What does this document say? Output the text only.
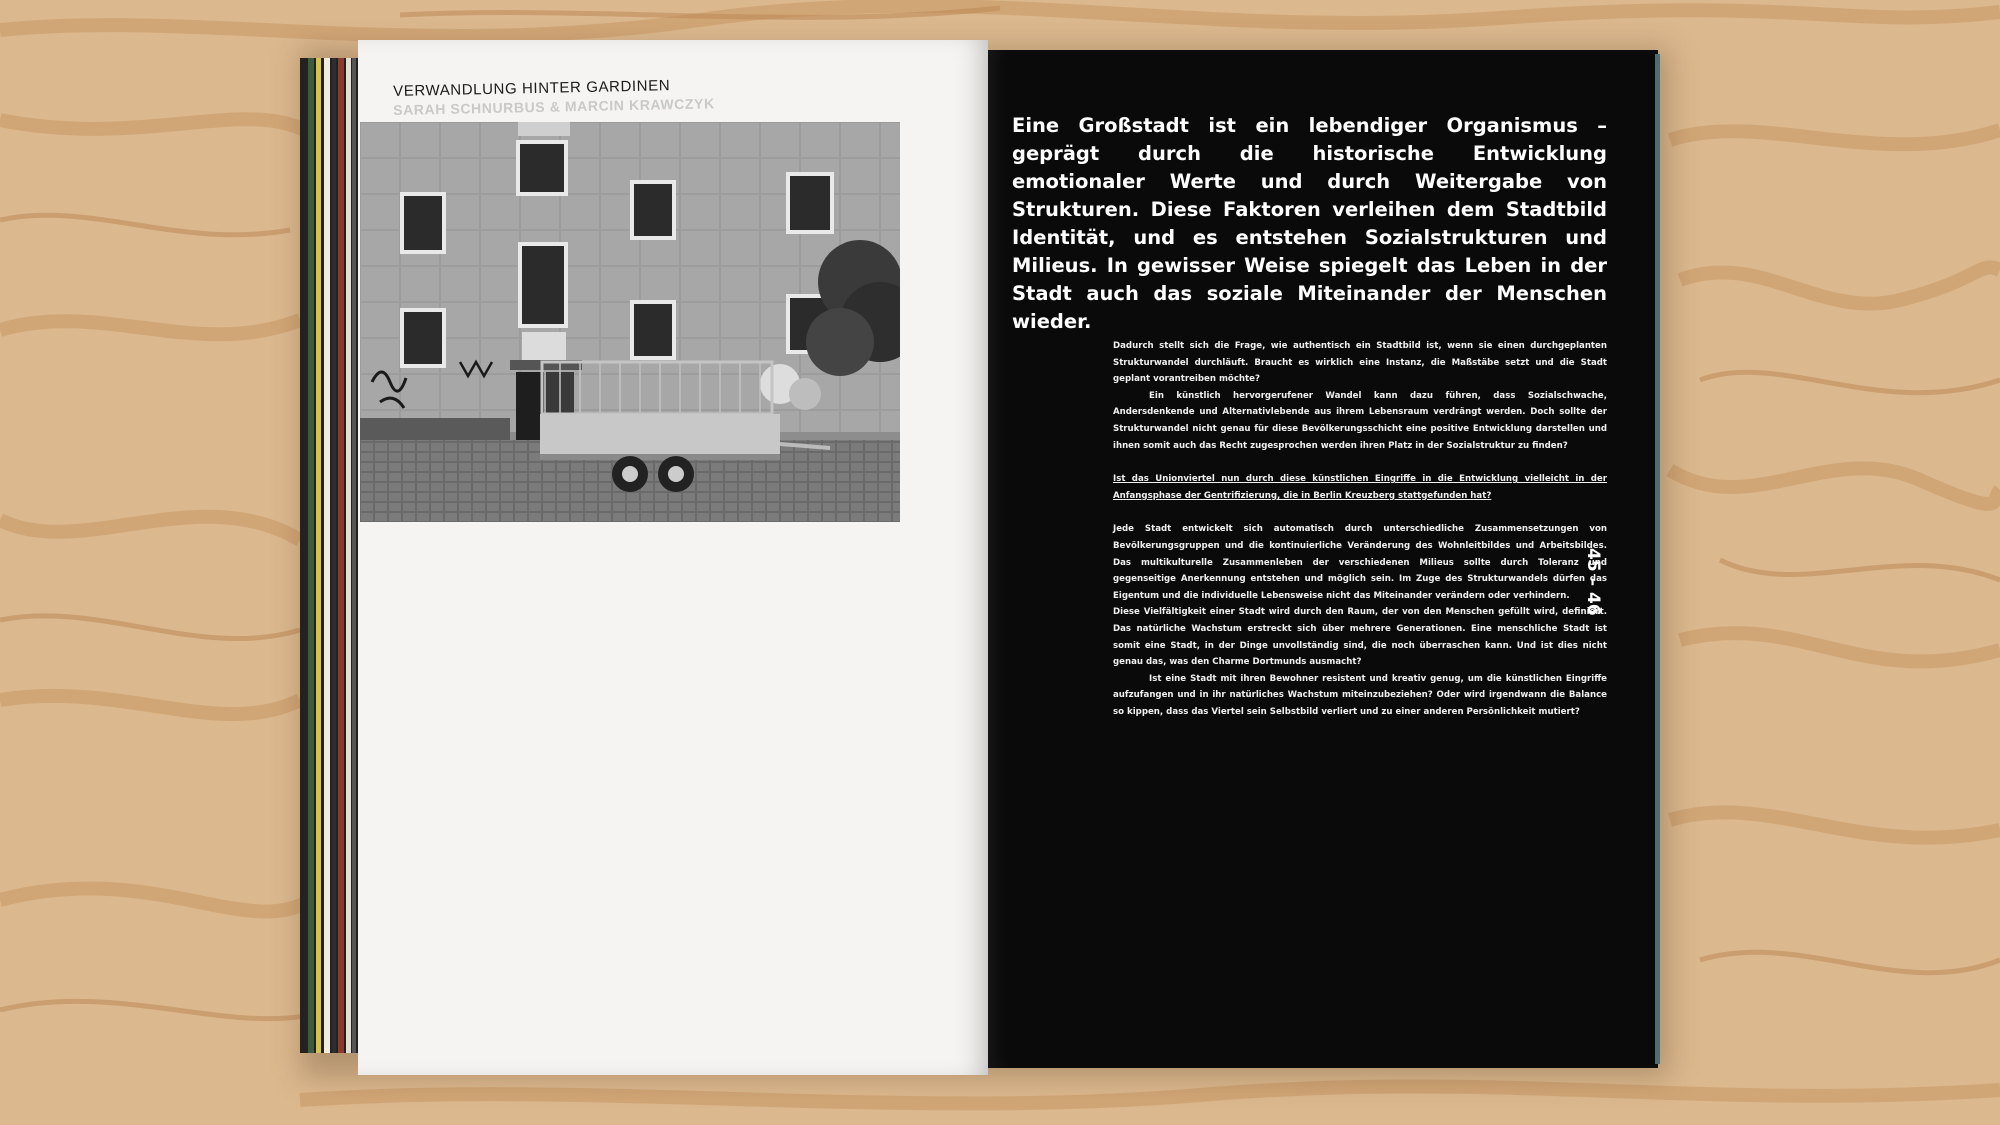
VERWANDLUNG HINTER GARDINEN
SARAH SCHNURBUS & MARCIN KRAWCZYK
Eine Großstadt ist ein lebendiger Organismus – geprägt durch die historische Entwicklung emotionaler Werte und durch Weitergabe von Strukturen. Diese Faktoren verleihen dem Stadtbild Identität, und es entstehen Sozialstrukturen und Milieus. In gewisser Weise spiegelt das Leben in der Stadt auch das soziale Miteinander der Menschen wieder.

Dadurch stellt sich die Frage, wie authentisch ein Stadtbild ist, wenn sie einen durchgeplanten Strukturwandel durchläuft. Braucht es wirklich eine Instanz, die Maßstäbe setzt und die Stadt geplant vorantreiben möchte?

Ein künstlich hervorgerufener Wandel kann dazu führen, dass Sozialschwache, Andersdenkende und Alternativlebende aus ihrem Lebensraum verdrängt werden. Doch sollte der Strukturwandel nicht genau für diese Bevölkerungsschicht eine positive Entwicklung darstellen und ihnen somit auch das Recht zugesprochen werden ihren Platz in der Sozialstruktur zu finden?

Ist das Unionviertel nun durch diese künstlichen Eingriffe in die Entwicklung vielleicht in der Anfangsphase der Gentrifizierung, die in Berlin Kreuzberg stattgefunden hat?

Jede Stadt entwickelt sich automatisch durch unterschiedliche Zusammensetzungen von Bevölkerungsgruppen und die kontinuierliche Veränderung des Wohnleitbildes und Arbeitsbildes. Das multikulturelle Zusammenleben der verschiedenen Milieus sollte durch Toleranz und gegenseitige Anerkennung entstehen und möglich sein. Im Zuge des Strukturwandels dürfen das Eigentum und die individuelle Lebensweise nicht das Miteinander verändern oder verhindern.

Diese Vielfältigkeit einer Stadt wird durch den Raum, der von den Menschen gefüllt wird, definiert. Das natürliche Wachstum erstreckt sich über mehrere Generationen. Eine menschliche Stadt ist somit eine Stadt, in der Dinge unvollständig sind, die noch überraschen kann. Und ist dies nicht genau das, was den Charme Dortmunds ausmacht?

Ist eine Stadt mit ihren Bewohner resistent und kreativ genug, um die künstlichen Eingriffe aufzufangen und in ihr natürliches Wachstum miteinzubeziehen? Oder wird irgendwann die Balance so kippen, dass das Viertel sein Selbstbild verliert und zu einer anderen Persönlichkeit mutiert?

45 – 46
